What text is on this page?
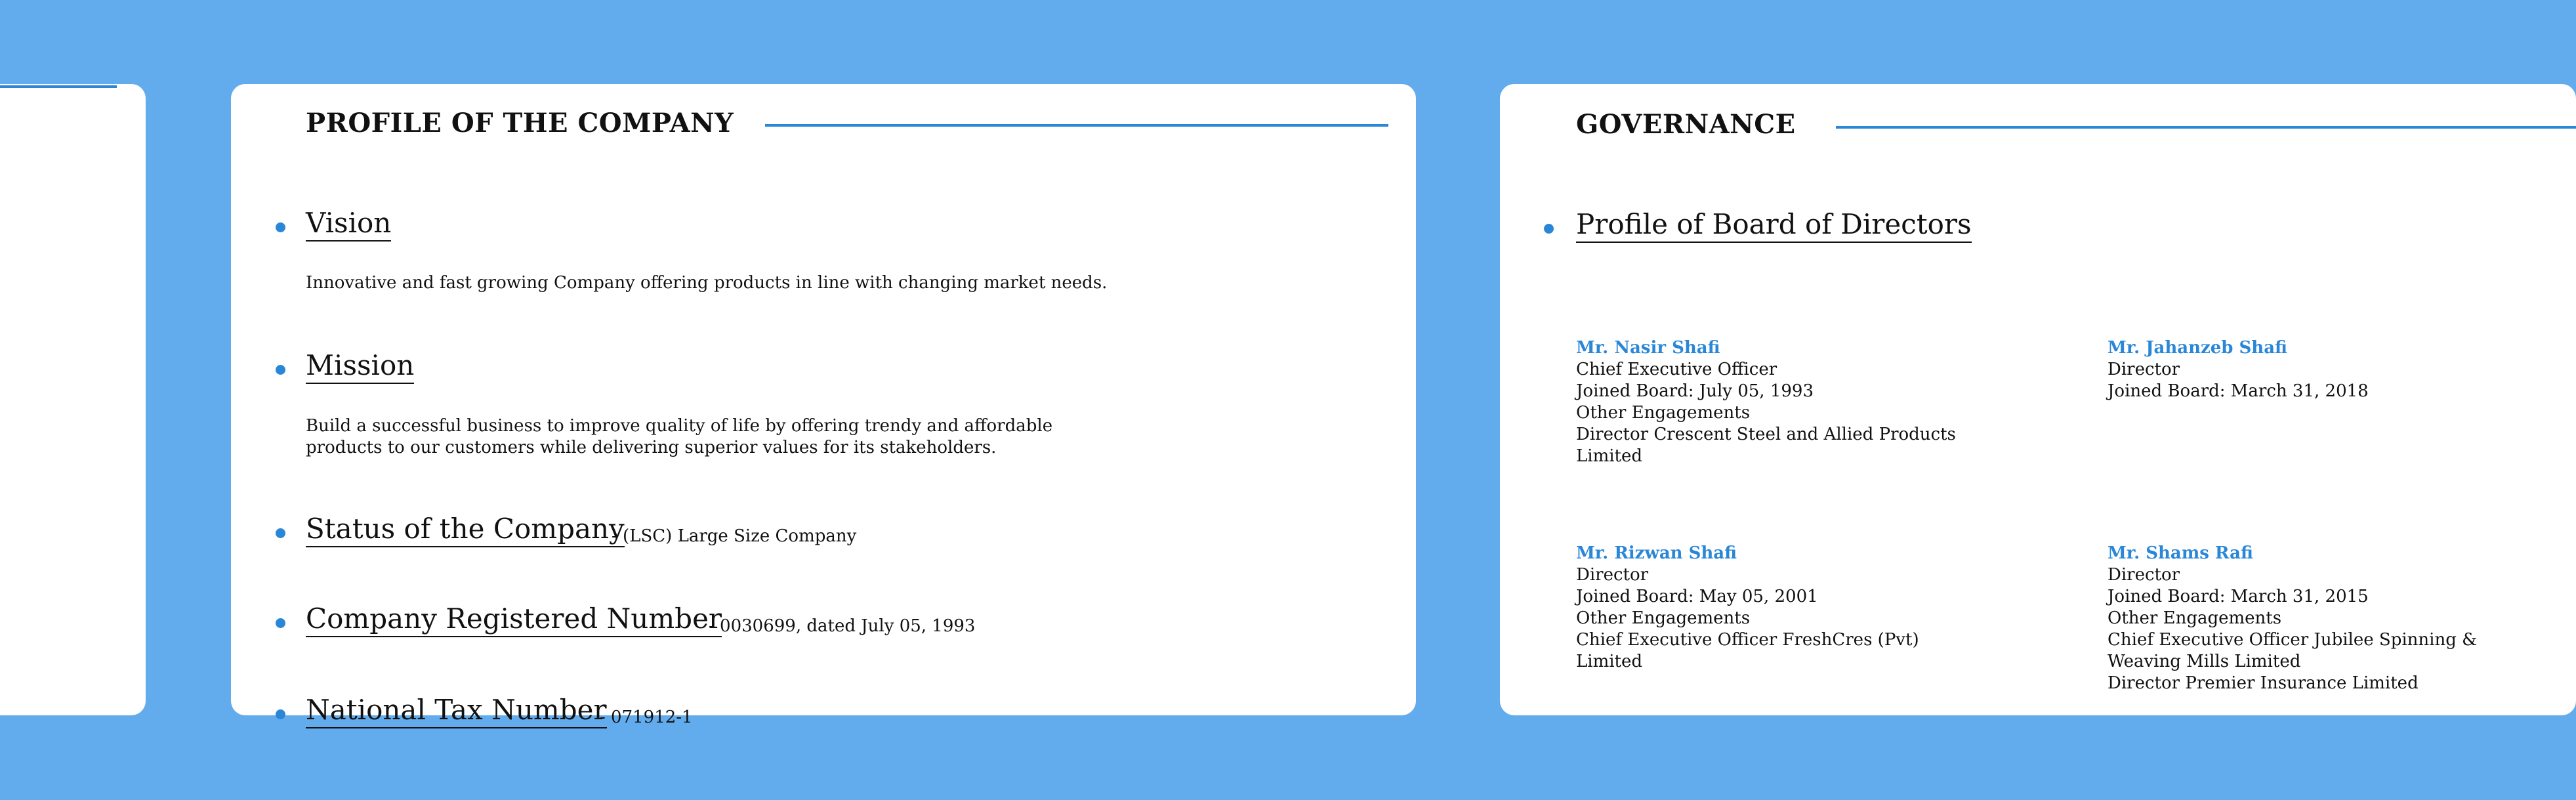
PROFILE OF THE COMPANY
Vision
Innovative and fast growing Company offering products in line with changing market needs.
Mission
Build a successful business to improve quality of life by offering trendy and affordable
products to our customers while delivering superior values for its stakeholders.
Status of the Company
- (LSC) Large Size Company
Company Registered Number
- 0030699, dated July 05, 1993
National Tax Number
- 071912-1
GOVERNANCE
Profile of Board of Directors
Mr. Nasir Shafi
Chief Executive Officer
Joined Board: July 05, 1993
Other Engagements
Director Crescent Steel and Allied Products
Limited
Mr. Jahanzeb Shafi
Director
Joined Board: March 31, 2018
Mr. Rizwan Shafi
Director
Joined Board: May 05, 2001
Other Engagements
Chief Executive Officer FreshCres (Pvt)
Limited
Mr. Shams Rafi
Director
Joined Board: March 31, 2015
Other Engagements
Chief Executive Officer Jubilee Spinning &
Weaving Mills Limited
Director Premier Insurance Limited
